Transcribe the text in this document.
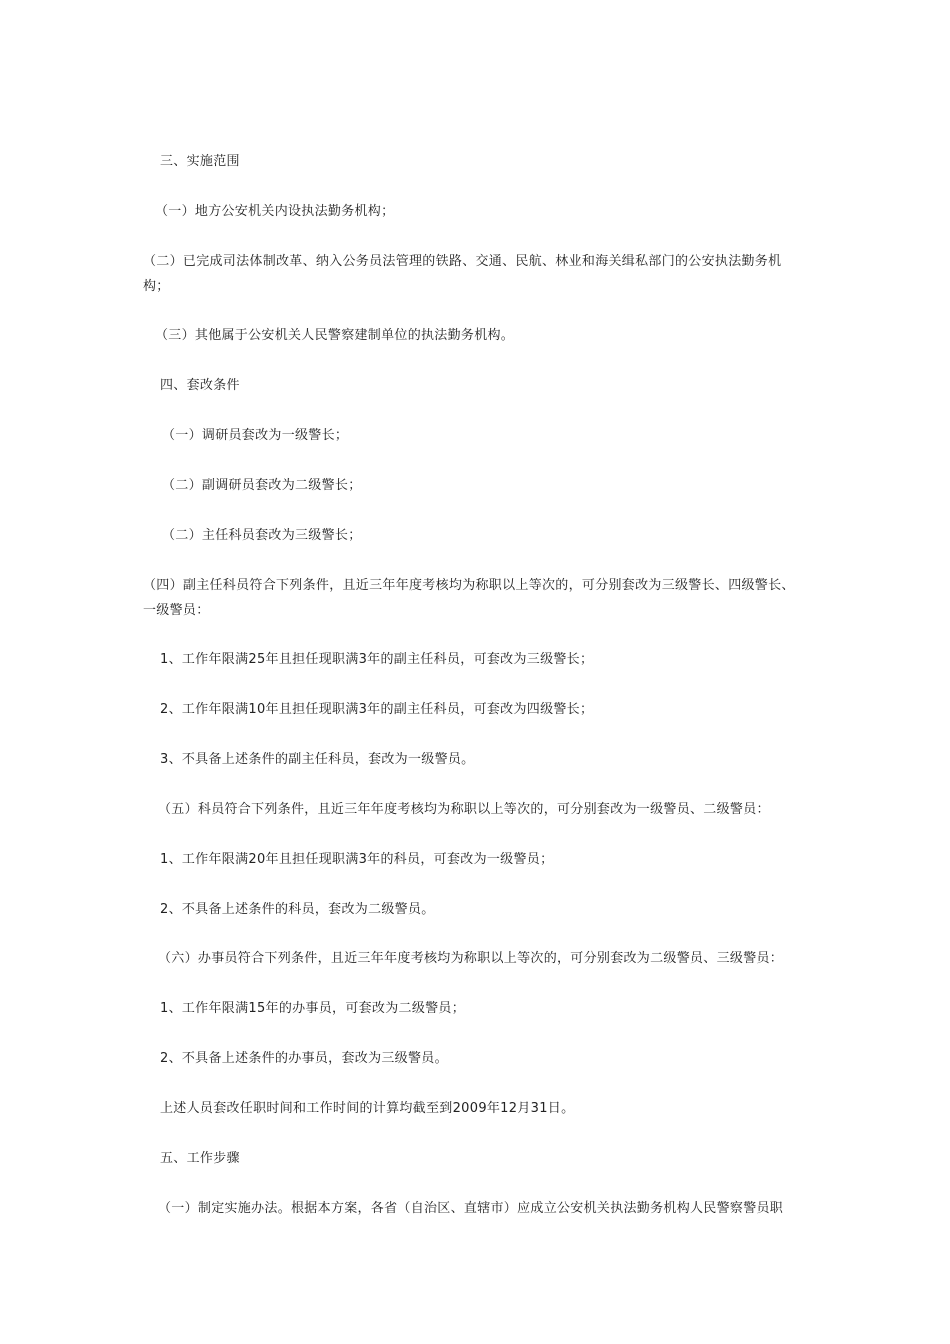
三、实施范围
（一）地方公安机关内设执法勤务机构；
（二）已完成司法体制改革、纳入公务员法管理的铁路、交通、民航、林业和海关缉私部门的公安执法勤务机构；
（三）其他属于公安机关人民警察建制单位的执法勤务机构。
四、套改条件
（一）调研员套改为一级警长；
（二）副调研员套改为二级警长；
（二）主任科员套改为三级警长；
（四）副主任科员符合下列条件，且近三年年度考核均为称职以上等次的，可分别套改为三级警长、四级警长、一级警员：
1、工作年限满25年且担任现职满3年的副主任科员，可套改为三级警长；
2、工作年限满10年且担任现职满3年的副主任科员，可套改为四级警长；
3、不具备上述条件的副主任科员，套改为一级警员。
（五）科员符合下列条件，且近三年年度考核均为称职以上等次的，可分别套改为一级警员、二级警员：
1、工作年限满20年且担任现职满3年的科员，可套改为一级警员；
2、不具备上述条件的科员，套改为二级警员。
（六）办事员符合下列条件，且近三年年度考核均为称职以上等次的，可分别套改为二级警员、三级警员：
1、工作年限满15年的办事员，可套改为二级警员；
2、不具备上述条件的办事员，套改为三级警员。
上述人员套改任职时间和工作时间的计算均截至到2009年12月31日。
五、工作步骤
（一）制定实施办法。根据本方案，各省（自治区、直辖市）应成立公安机关执法勤务机构人民警察警员职
